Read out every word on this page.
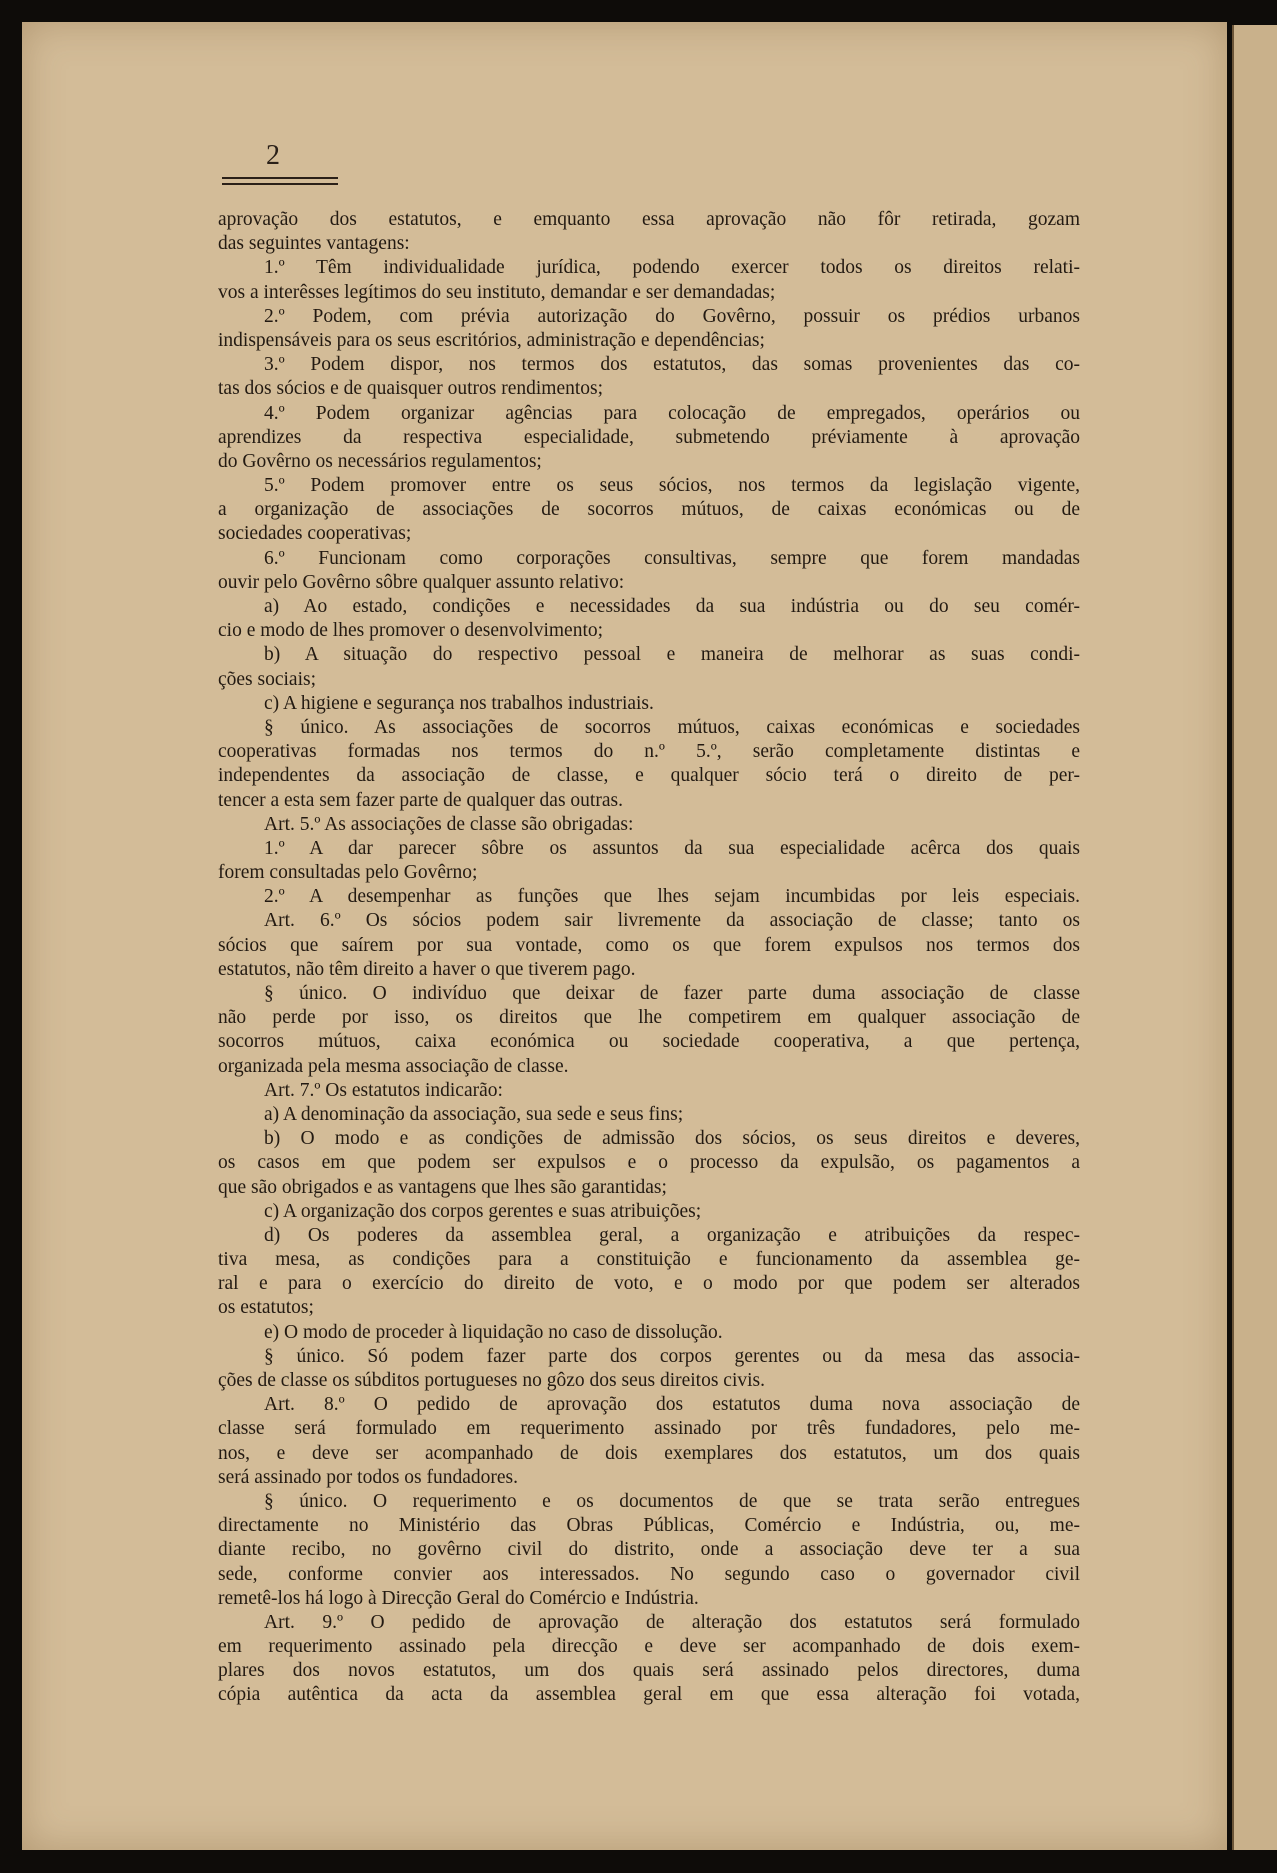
2
aprovação dos estatutos, e emquanto essa aprovação não fôr retirada, gozam
das seguintes vantagens:
1.º Têm individualidade jurídica, podendo exercer todos os direitos relati-
vos a interêsses legítimos do seu instituto, demandar e ser demandadas;
2.º Podem, com prévia autorização do Govêrno, possuir os prédios urbanos
indispensáveis para os seus escritórios, administração e dependências;
3.º Podem dispor, nos termos dos estatutos, das somas provenientes das co-
tas dos sócios e de quaisquer outros rendimentos;
4.º Podem organizar agências para colocação de empregados, operários ou
aprendizes da respectiva especialidade, submetendo préviamente à aprovação
do Govêrno os necessários regulamentos;
5.º Podem promover entre os seus sócios, nos termos da legislação vigente,
a organização de associações de socorros mútuos, de caixas económicas ou de
sociedades cooperativas;
6.º Funcionam como corporações consultivas, sempre que forem mandadas
ouvir pelo Govêrno sôbre qualquer assunto relativo:
a) Ao estado, condições e necessidades da sua indústria ou do seu comér-
cio e modo de lhes promover o desenvolvimento;
b) A situação do respectivo pessoal e maneira de melhorar as suas condi-
ções sociais;
c) A higiene e segurança nos trabalhos industriais.
§ único. As associações de socorros mútuos, caixas económicas e sociedades
cooperativas formadas nos termos do n.º 5.º, serão completamente distintas e
independentes da associação de classe, e qualquer sócio terá o direito de per-
tencer a esta sem fazer parte de qualquer das outras.
Art. 5.º As associações de classe são obrigadas:
1.º A dar parecer sôbre os assuntos da sua especialidade acêrca dos quais
forem consultadas pelo Govêrno;
2.º A desempenhar as funções que lhes sejam incumbidas por leis especiais.
Art. 6.º Os sócios podem sair livremente da associação de classe; tanto os
sócios que saírem por sua vontade, como os que forem expulsos nos termos dos
estatutos, não têm direito a haver o que tiverem pago.
§ único. O indivíduo que deixar de fazer parte duma associação de classe
não perde por isso, os direitos que lhe competirem em qualquer associação de
socorros mútuos, caixa económica ou sociedade cooperativa, a que pertença,
organizada pela mesma associação de classe.
Art. 7.º Os estatutos indicarão:
a) A denominação da associação, sua sede e seus fins;
b) O modo e as condições de admissão dos sócios, os seus direitos e deveres,
os casos em que podem ser expulsos e o processo da expulsão, os pagamentos a
que são obrigados e as vantagens que lhes são garantidas;
c) A organização dos corpos gerentes e suas atribuições;
d) Os poderes da assemblea geral, a organização e atribuições da respec-
tiva mesa, as condições para a constituição e funcionamento da assemblea ge-
ral e para o exercício do direito de voto, e o modo por que podem ser alterados
os estatutos;
e) O modo de proceder à liquidação no caso de dissolução.
§ único. Só podem fazer parte dos corpos gerentes ou da mesa das associa-
ções de classe os súbditos portugueses no gôzo dos seus direitos civis.
Art. 8.º O pedido de aprovação dos estatutos duma nova associação de
classe será formulado em requerimento assinado por três fundadores, pelo me-
nos, e deve ser acompanhado de dois exemplares dos estatutos, um dos quais
será assinado por todos os fundadores.
§ único. O requerimento e os documentos de que se trata serão entregues
directamente no Ministério das Obras Públicas, Comércio e Indústria, ou, me-
diante recibo, no govêrno civil do distrito, onde a associação deve ter a sua
sede, conforme convier aos interessados. No segundo caso o governador civil
remetê-los há logo à Direcção Geral do Comércio e Indústria.
Art. 9.º O pedido de aprovação de alteração dos estatutos será formulado
em requerimento assinado pela direcção e deve ser acompanhado de dois exem-
plares dos novos estatutos, um dos quais será assinado pelos directores, duma
cópia autêntica da acta da assemblea geral em que essa alteração foi votada,
